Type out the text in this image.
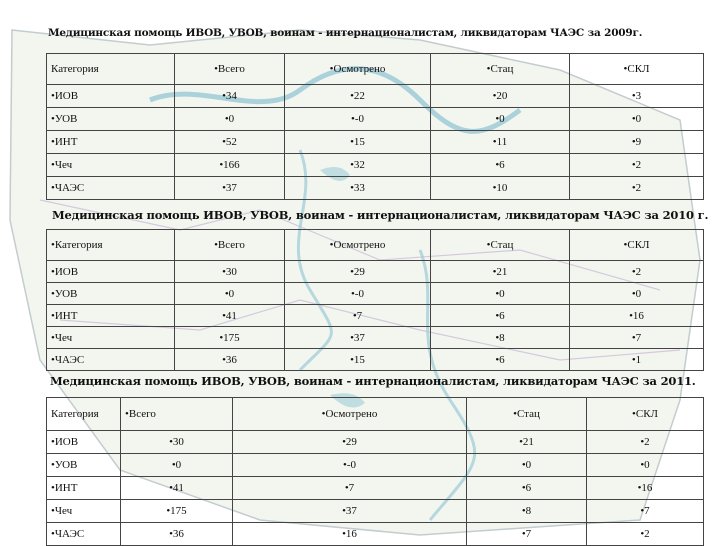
Медицинская помощь ИВОВ, УВОВ, воинам - интернационалистам, ликвидаторам ЧАЭС за 2009г.
Категория	•Всего	•Осмотрено	•Стац	•СКЛ
•ИОВ	•34	•22	•20	•3
•УОВ	•0	•-0	•0	•0
•ИНТ	•52	•15	•11	•9
•Чеч	•166	•32	•6	•2
•ЧАЭС	•37	•33	•10	•2
Медицинская помощь ИВОВ, УВОВ, воинам - интернационалистам, ликвидаторам ЧАЭС за 2010 г.
•Категория	•Всего	•Осмотрено	•Стац	•СКЛ
•ИОВ	•30	•29	•21	•2
•УОВ	•0	•-0	•0	•0
•ИНТ	•41	•7	•6	•16
•Чеч	•175	•37	•8	•7
•ЧАЭС	•36	•15	•6	•1
Медицинская помощь ИВОВ, УВОВ, воинам - интернационалистам, ликвидаторам ЧАЭС за 2011.
Категория	•Всего	•Осмотрено	•Стац	•СКЛ
•ИОВ	•30	•29	•21	•2
•УОВ	•0	•-0	•0	•0
•ИНТ	•41	•7	•6	•16
•Чеч	•175	•37	•8	•7
•ЧАЭС	•36	•16	•7	•2
